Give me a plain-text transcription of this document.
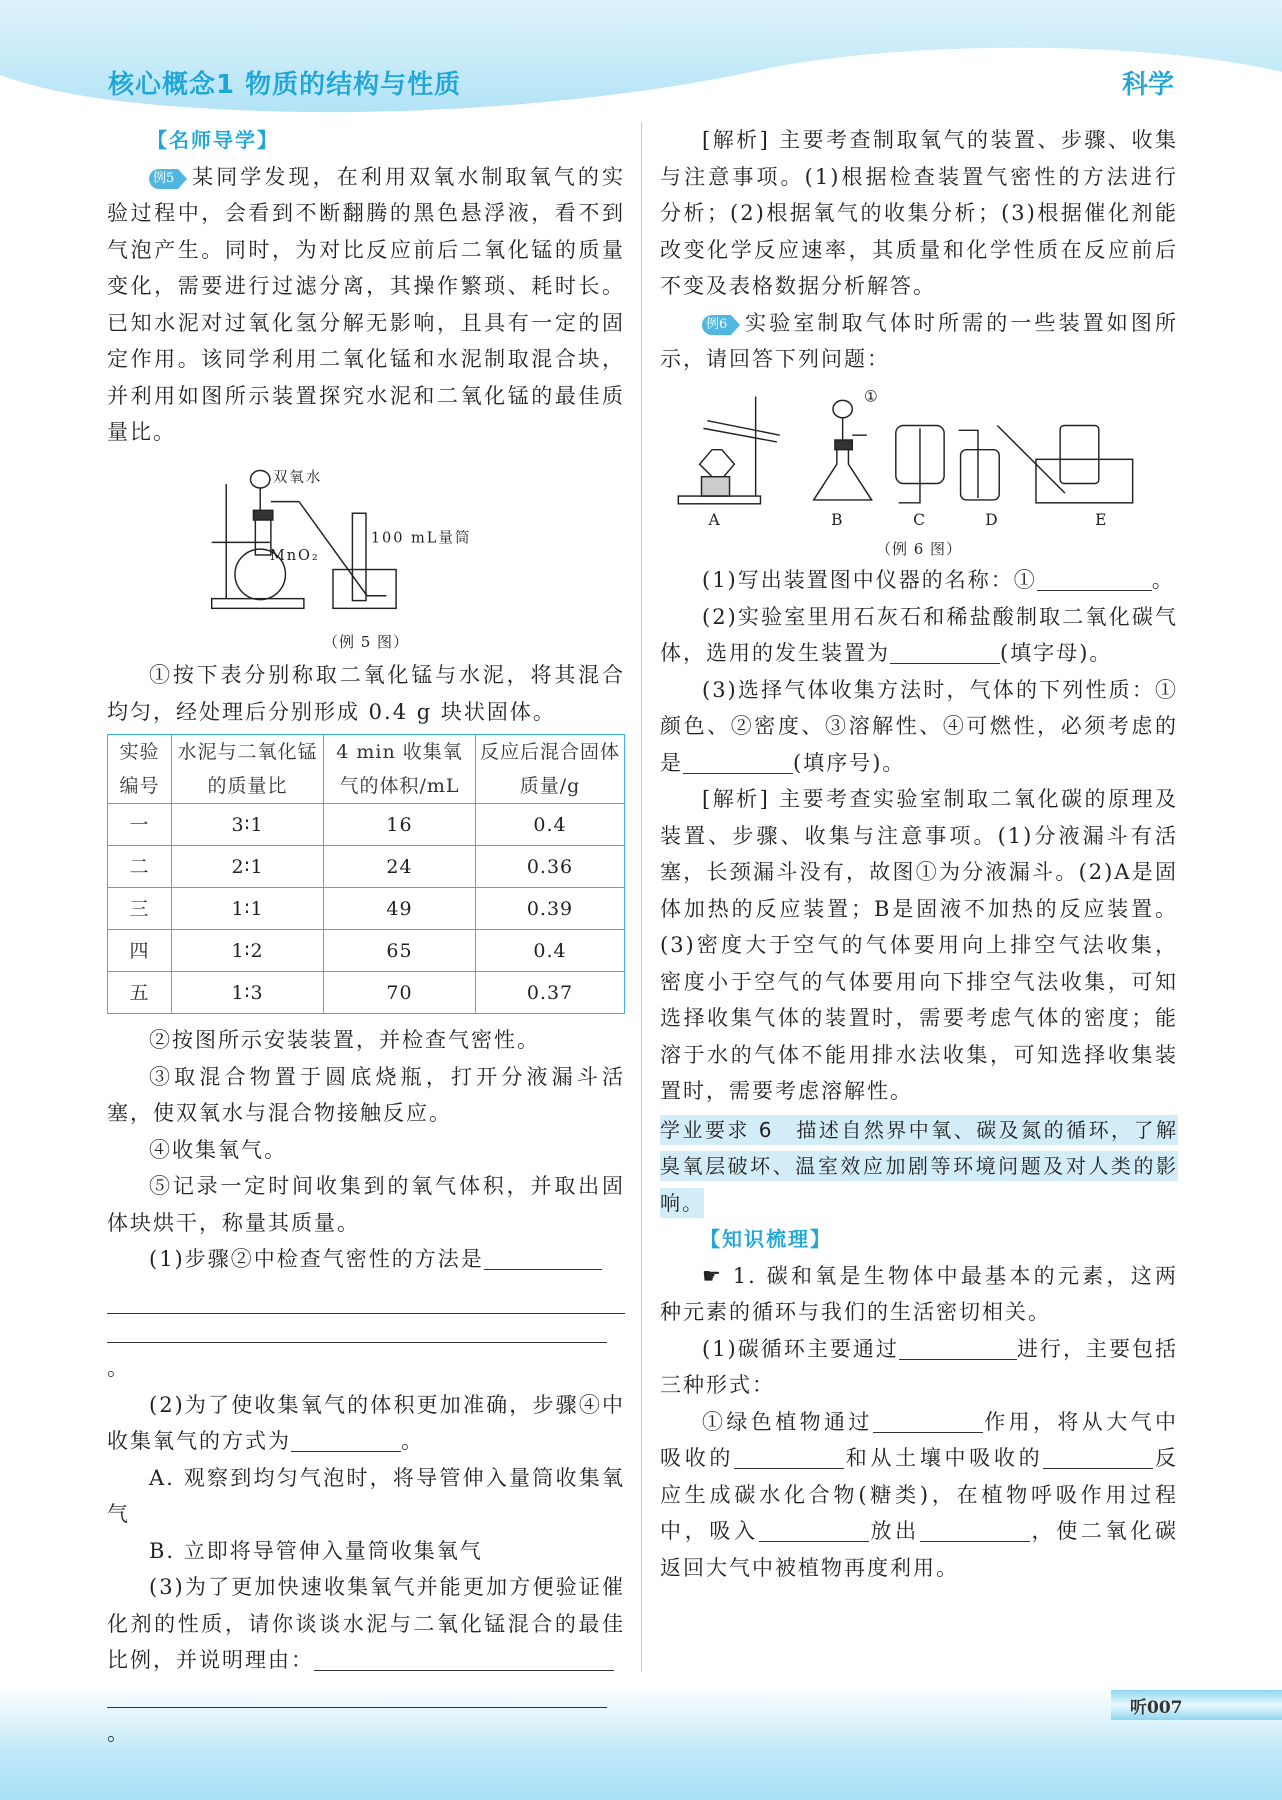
核心概念1 物质的结构与性质	科学
【名师导学】

例5 某同学发现，在利用双氧水制取氧气的实验过程中，会看到不断翻腾的黑色悬浮液，看不到气泡产生。同时，为对比反应前后二氧化锰的质量变化，需要进行过滤分离，其操作繁琐、耗时长。已知水泥对过氧化氢分解无影响，且具有一定的固定作用。该同学利用二氧化锰和水泥制取混合块，并利用如图所示装置探究水泥和二氧化锰的最佳质量比。

双氧水
MnO₂
100 mL量筒
（例 5 图）

①按下表分别称取二氧化锰与水泥，将其混合均匀，经处理后分别形成 0.4 g 块状固体。

实验编号	水泥与二氧化锰的质量比	4 min 收集氧气的体积/mL	反应后混合固体质量/g
一	3∶1	16	0.4
二	2∶1	24	0.36
三	1∶1	49	0.39
四	1∶2	65	0.4
五	1∶3	70	0.37

②按图所示安装装置，并检查气密性。

③取混合物置于圆底烧瓶，打开分液漏斗活塞，使双氧水与混合物接触反应。

④收集氧气。

⑤记录一定时间收集到的氧气体积，并取出固体块烘干，称量其质量。

(1)步骤②中检查气密性的方法是

。

(2)为了使收集氧气的体积更加准确，步骤④中收集氧气的方式为	。

A. 观察到均匀气泡时，将导管伸入量筒收集氧气

B. 立即将导管伸入量筒收集氧气

(3)为了更加快速收集氧气并能更加方便验证催化剂的性质，请你谈谈水泥与二氧化锰混合的最佳比例，并说明理由：

。

[解析] 主要考查制取氧气的装置、步骤、收集与注意事项。(1)根据检查装置气密性的方法进行分析；(2)根据氧气的收集分析；(3)根据催化剂能改变化学反应速率，其质量和化学性质在反应前后不变及表格数据分析解答。

例6 实验室制取气体时所需的一些装置如图所示，请回答下列问题：

①
A	B	C	D	E
（例 6 图）

(1)写出装置图中仪器的名称：①	。

(2)实验室里用石灰石和稀盐酸制取二氧化碳气体，选用的发生装置为	(填字母)。

(3)选择气体收集方法时，气体的下列性质：①颜色、②密度、③溶解性、④可燃性，必须考虑的是	(填序号)。

[解析] 主要考查实验室制取二氧化碳的原理及装置、步骤、收集与注意事项。(1)分液漏斗有活塞，长颈漏斗没有，故图①为分液漏斗。(2)A是固体加热的反应装置；B是固液不加热的反应装置。(3)密度大于空气的气体要用向上排空气法收集，密度小于空气的气体要用向下排空气法收集，可知选择收集气体的装置时，需要考虑气体的密度；能溶于水的气体不能用排水法收集，可知选择收集装置时，需要考虑溶解性。

学业要求 6　描述自然界中氧、碳及氮的循环，了解臭氧层破坏、温室效应加剧等环境问题及对人类的影响。

【知识梳理】

☛ 1. 碳和氧是生物体中最基本的元素，这两种元素的循环与我们的生活密切相关。

(1)碳循环主要通过	进行，主要包括三种形式：

①绿色植物通过	作用，将从大气中吸收的	和从土壤中吸收的	反应生成碳水化合物(糖类)，在植物呼吸作用过程中，吸入	放出	，使二氧化碳返回大气中被植物再度利用。

听007
